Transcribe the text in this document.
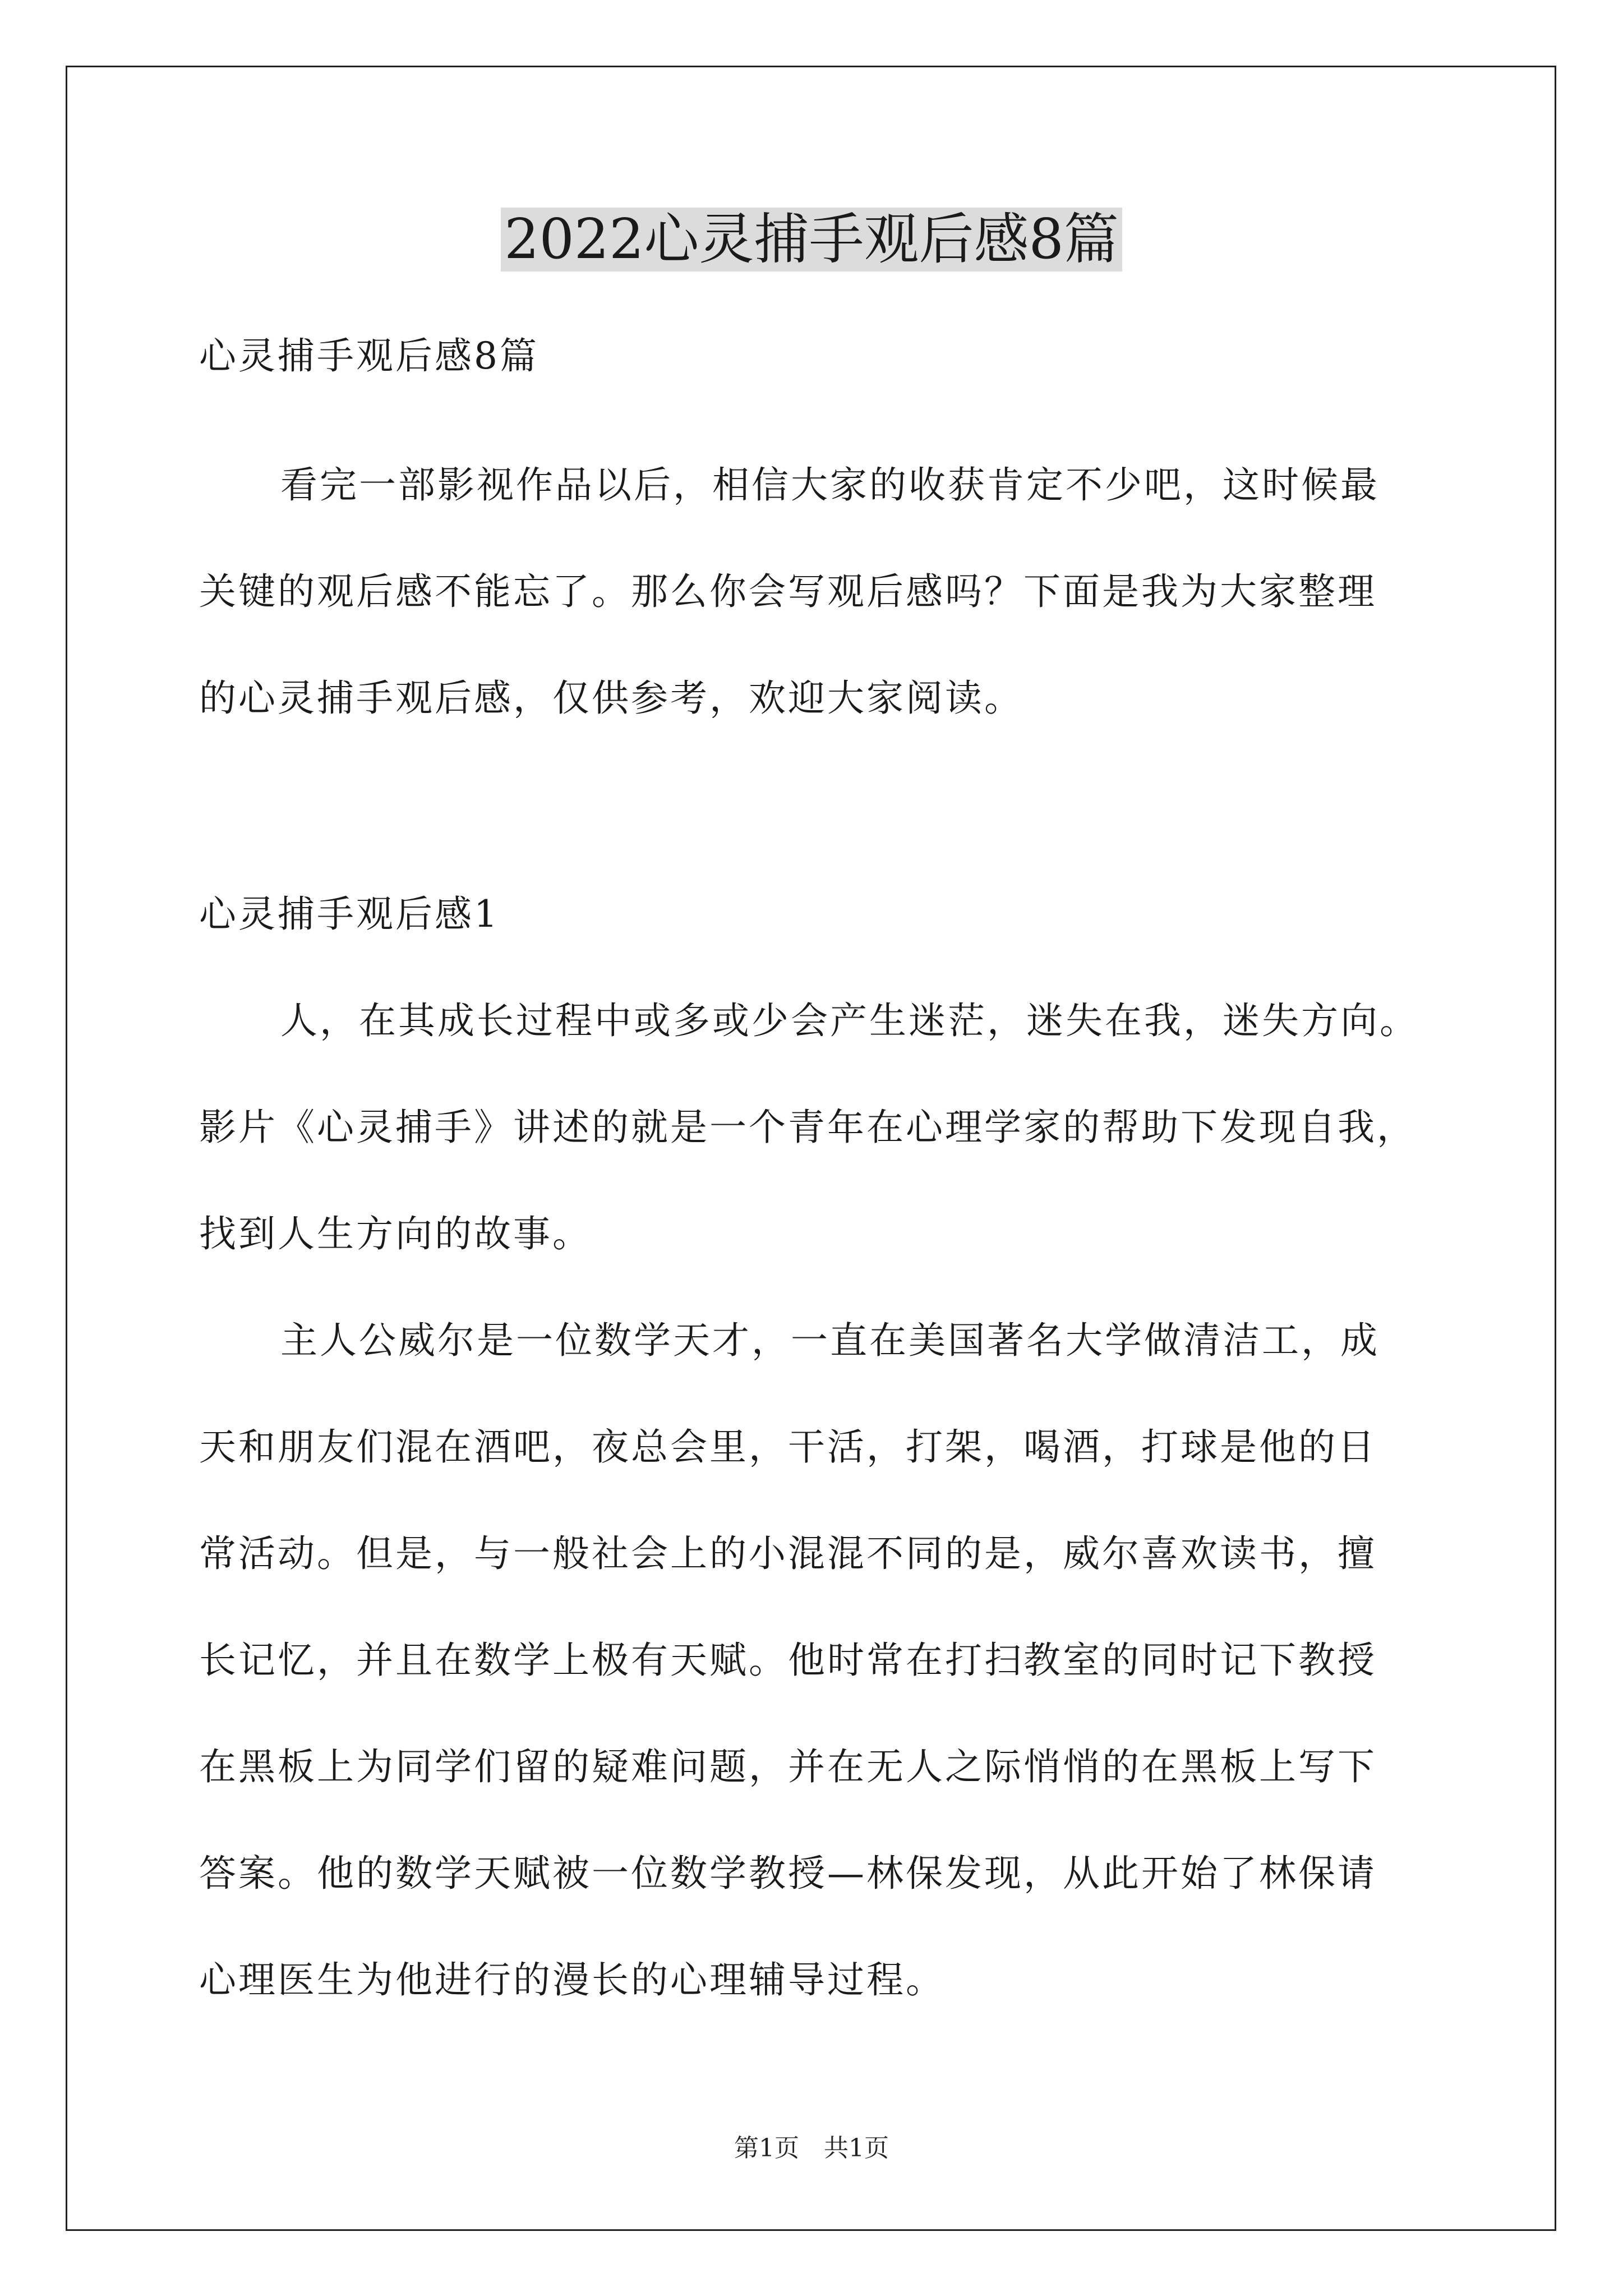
2022心灵捕手观后感8篇
心灵捕手观后感8篇
看完一部影视作品以后，相信大家的收获肯定不少吧，这时候最
关键的观后感不能忘了。那么你会写观后感吗？下面是我为大家整理
的心灵捕手观后感，仅供参考，欢迎大家阅读。
心灵捕手观后感1
人，在其成长过程中或多或少会产生迷茫，迷失在我，迷失方向。
影片《心灵捕手》讲述的就是一个青年在心理学家的帮助下发现自我，
找到人生方向的故事。
主人公威尔是一位数学天才，一直在美国著名大学做清洁工，成
天和朋友们混在酒吧，夜总会里，干活，打架，喝酒，打球是他的日
常活动。但是，与一般社会上的小混混不同的是，威尔喜欢读书，擅
长记忆，并且在数学上极有天赋。他时常在打扫教室的同时记下教授
在黑板上为同学们留的疑难问题，并在无人之际悄悄的在黑板上写下
答案。他的数学天赋被一位数学教授—林保发现，从此开始了林保请
心理医生为他进行的漫长的心理辅导过程。
第1页　共1页
